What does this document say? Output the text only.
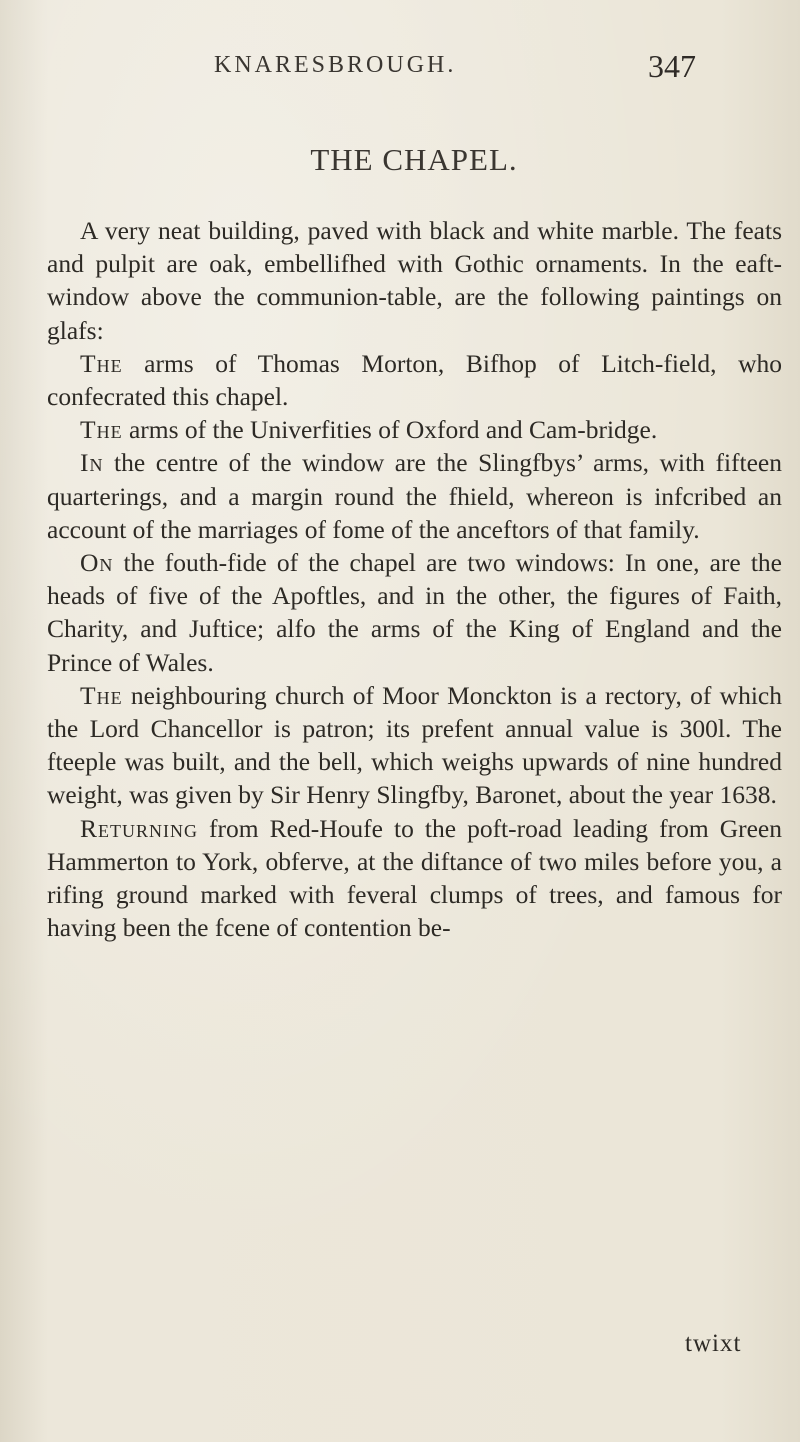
KNARESBROUGH.	347
THE CHAPEL.

A very neat building, paved with black and white marble. The feats and pulpit are oak, embellifhed with Gothic ornaments. In the eaft-window above the communion-table, are the following paintings on glafs:

The arms of Thomas Morton, Bifhop of Litch-field, who confecrated this chapel.

The arms of the Univerfities of Oxford and Cam-bridge.

In the centre of the window are the Slingfbys’ arms, with fifteen quarterings, and a margin round the fhield, whereon is infcribed an account of the marriages of fome of the anceftors of that family.

On the fouth-fide of the chapel are two windows: In one, are the heads of five of the Apoftles, and in the other, the figures of Faith, Charity, and Juftice; alfo the arms of the King of England and the Prince of Wales.

The neighbouring church of Moor Monckton is a rectory, of which the Lord Chancellor is patron; its prefent annual value is 300l. The fteeple was built, and the bell, which weighs upwards of nine hundred weight, was given by Sir Henry Slingfby, Baronet, about the year 1638.

Returning from Red-Houfe to the poft-road leading from Green Hammerton to York, obferve, at the diftance of two miles before you, a rifing ground marked with feveral clumps of trees, and famous for having been the fcene of contention be-

twixt
